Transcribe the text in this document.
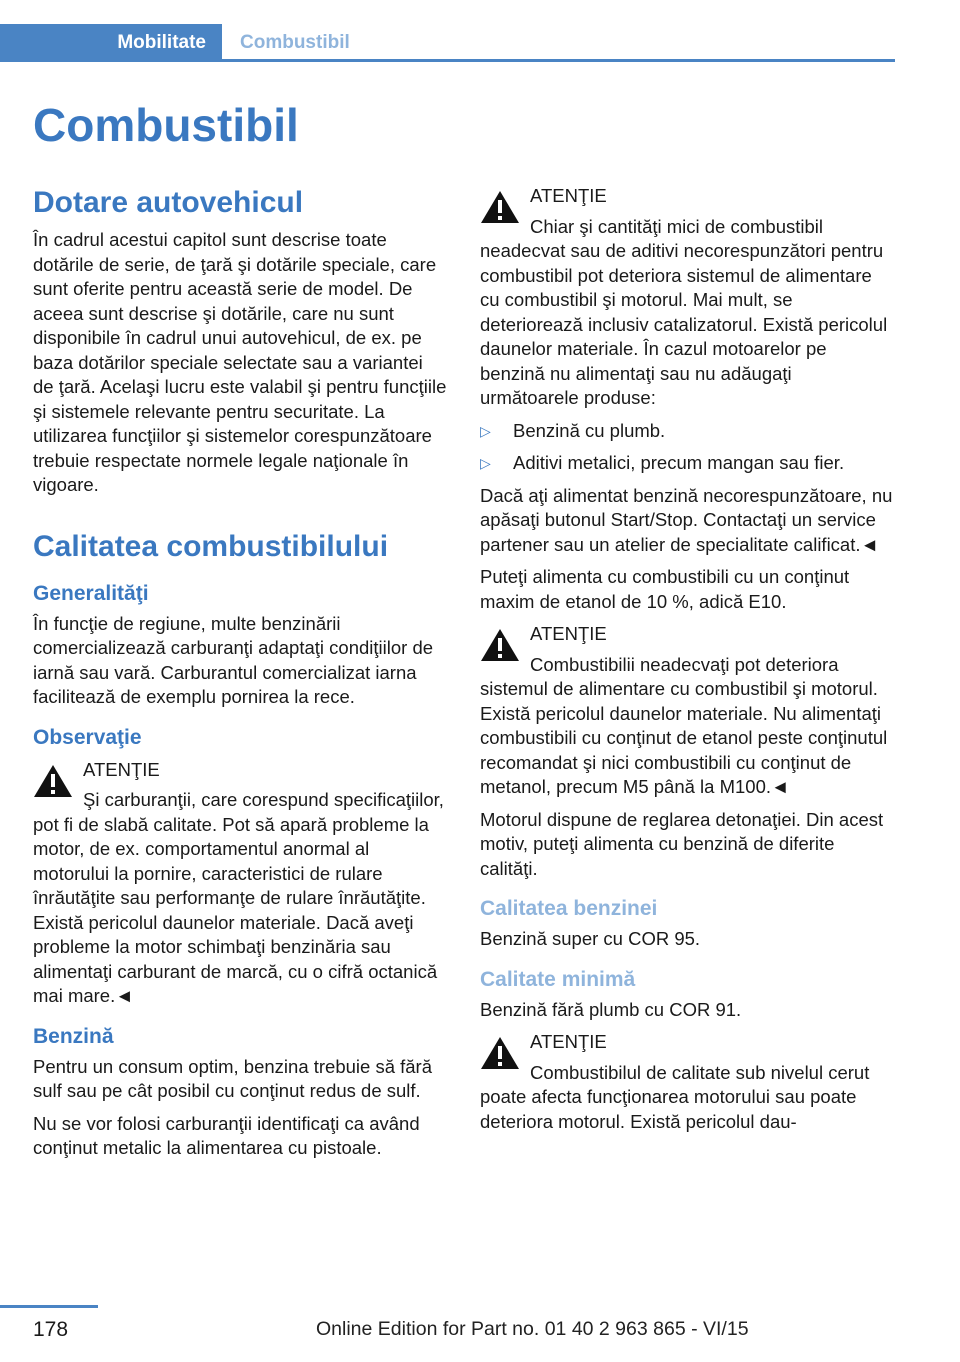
Mobilitate	Combustibil
Combustibil
Dotare autovehicul

În cadrul acestui capitol sunt descrise toate dotările de serie, de ţară şi dotările speciale, care sunt oferite pentru această serie de model. De aceea sunt descrise şi dotările, care nu sunt disponibile în cadrul unui autovehicul, de ex. pe baza dotărilor speciale selectate sau a variantei de ţară. Acelaşi lucru este valabil şi pentru funcţiile şi sistemele relevante pentru securitate. La utilizarea funcţiilor şi sistemelor corespunzătoare trebuie respectate normele legale naţionale în vigoare.

Calitatea combustibilului
Generalităţi

În funcţie de regiune, multe benzinării comercializează carburanţi adaptaţi condiţiilor de iarnă sau vară. Carburantul comercializat iarna facilitează de exemplu pornirea la rece.

Observaţie
ATENŢIE

Şi carburanţii, care corespund specificaţiilor, pot fi de slabă calitate. Pot să apară probleme la motor, de ex. comportamentul anormal al motorului la pornire, caracteristici de rulare înrăutăţite sau performanţe de rulare înrăutăţite. Există pericolul daunelor materiale. Dacă aveţi probleme la motor schimbaţi benzinăria sau alimentaţi carburant de marcă, cu o cifră octanică mai mare.◄

Benzină

Pentru un consum optim, benzina trebuie să fără sulf sau pe cât posibil cu conţinut redus de sulf.

Nu se vor folosi carburanţii identificaţi ca având conţinut metalic la alimentarea cu pistoale.

ATENŢIE

Chiar şi cantităţi mici de combustibil neadecvat sau de aditivi necorespunzători pentru combustibil pot deteriora sistemul de alimentare cu combustibil şi motorul. Mai mult, se deteriorează inclusiv catalizatorul. Există pericolul daunelor materiale. În cazul motoarelor pe benzină nu alimentaţi sau nu adăugaţi următoarele produse:

▷	Benzină cu plumb.
▷	Aditivi metalici, precum mangan sau fier.

Dacă aţi alimentat benzină necorespunzătoare, nu apăsaţi butonul Start/Stop. Contactaţi un service partener sau un atelier de specialitate calificat.◄

Puteţi alimenta cu combustibili cu un conţinut maxim de etanol de 10 %, adică E10.

ATENŢIE

Combustibilii neadecvaţi pot deteriora sistemul de alimentare cu combustibil şi motorul. Există pericolul daunelor materiale. Nu alimentaţi combustibili cu conţinut de etanol peste conţinutul recomandat şi nici combustibili cu conţinut de metanol, precum M5 până la M100.◄

Motorul dispune de reglarea detonaţiei. Din acest motiv, puteţi alimenta cu benzină de diferite calităţi.

Calitatea benzinei

Benzină super cu COR 95.

Calitate minimă

Benzină fără plumb cu COR 91.

ATENŢIE

Combustibilul de calitate sub nivelul cerut poate afecta funcţionarea motorului sau poate deteriora motorul. Există pericolul dau-

178	Online Edition for Part no. 01 40 2 963 865 - VI/15
